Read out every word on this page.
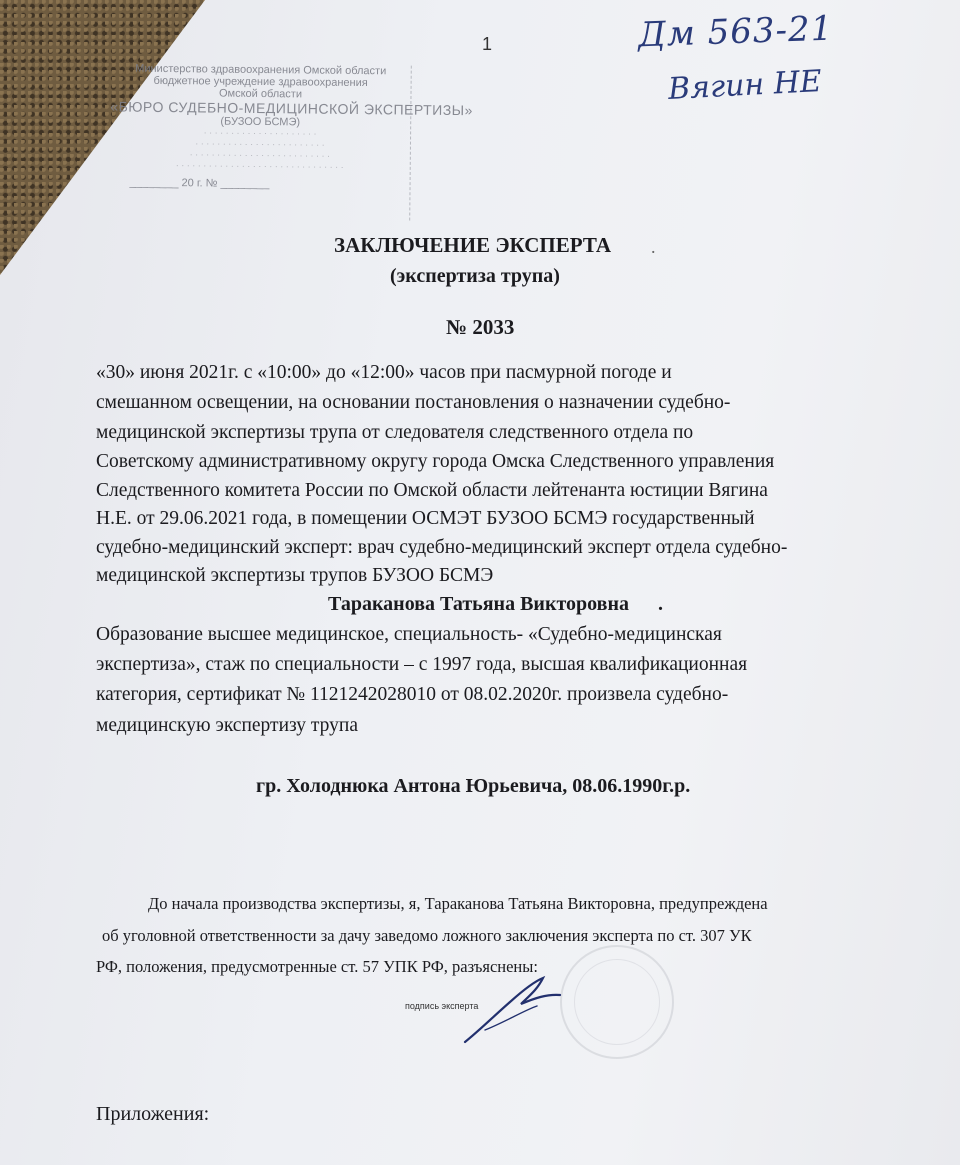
1	Дм 563-21
Вягин НЕ
Министерство здравоохранения Омской области
бюджетное учреждение здравоохранения
Омской области
«БЮРО СУДЕБНО-МЕДИЦИНСКОЙ ЭКСПЕРТИЗЫ»
(БУЗОО БСМЭ)
· · · · · · · · · · · · · · · · · · · · ·
· · · · · · · · · · · · · · · · · · · · · · · ·
· · · · · · · · · · · · · · · · · · · · · · · · · ·
· · · · · · · · · · · · · · · · · · · · · · · · · · · · · · ·
________ 20 г. № ________
ЗАКЛЮЧЕНИЕ ЭКСПЕРТА .
(экспертиза трупа)
№ 2033
«30» июня 2021г. с «10:00» до «12:00» часов при пасмурной погоде и
смешанном освещении, на основании постановления о назначении судебно-
медицинской экспертизы трупа от следователя следственного отдела по
Советскому административному округу города Омска Следственного управления
Следственного комитета России по Омской области лейтенанта юстиции Вягина
Н.Е. от 29.06.2021 года, в помещении ОСМЭТ БУЗОО БСМЭ государственный
судебно-медицинский эксперт: врач судебно-медицинский эксперт отдела судебно-
медицинской экспертизы трупов БУЗОО БСМЭ
Тараканова Татьяна Викторовна .
Образование высшее медицинское, специальность- «Судебно-медицинская
экспертиза», стаж по специальности – с 1997 года, высшая квалификационная
категория, сертификат № 1121242028010 от 08.02.2020г. произвела судебно-
медицинскую экспертизу трупа
гр. Холоднюка Антона Юрьевича, 08.06.1990г.р.
До начала производства экспертизы, я, Тараканова Татьяна Викторовна, предупреждена
об уголовной ответственности за дачу заведомо ложного заключения эксперта по ст. 307 УК
РФ, положения, предусмотренные ст. 57 УПК РФ, разъяснены:
подпись эксперта
Приложения:
